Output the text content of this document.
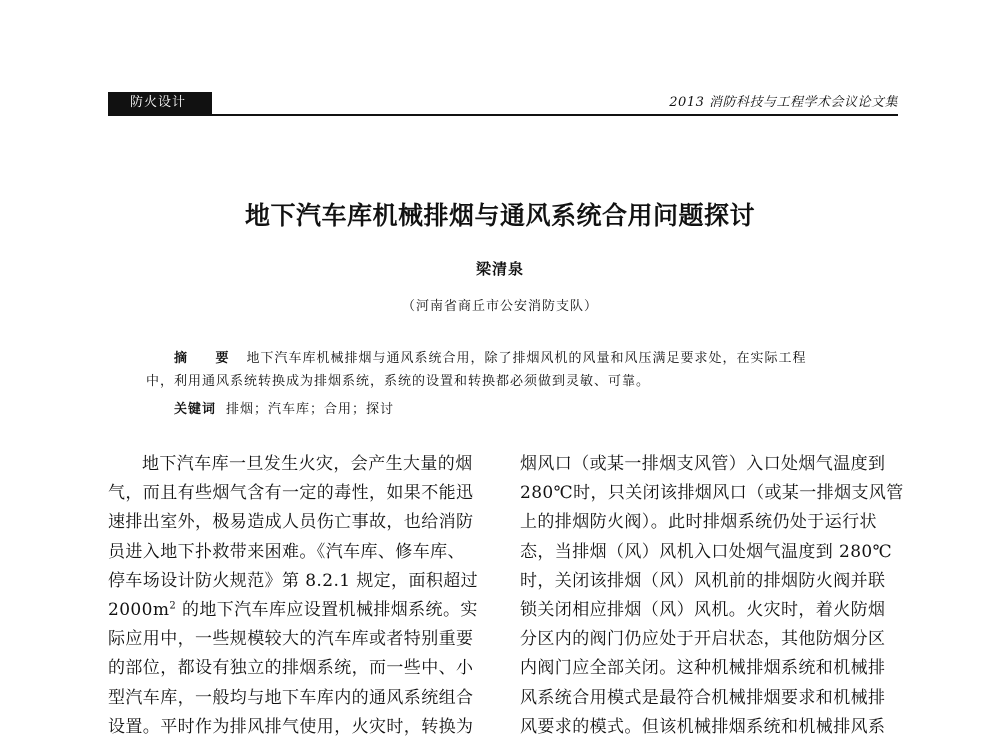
防火设计	2013 消防科技与工程学术会议论文集
地下汽车库机械排烟与通风系统合用问题探讨
梁清泉
（河南省商丘市公安消防支队）

摘 要 地下汽车库机械排烟与通风系统合用，除了排烟风机的风量和风压满足要求处，在实际工程

中，利用通风系统转换成为排烟系统，系统的设置和转换都必须做到灵敏、可靠。

关键词 排烟；汽车库；合用；探讨
地下汽车库一旦发生火灾，会产生大量的烟
气，而且有些烟气含有一定的毒性，如果不能迅
速排出室外，极易造成人员伤亡事故，也给消防
员进入地下扑救带来困难。《汽车库、修车库、
停车场设计防火规范》第 8.2.1 规定，面积超过
$2000m^2$ 的地下汽车库应设置机械排烟系统。实
际应用中，一些规模较大的汽车库或者特别重要
的部位，都设有独立的排烟系统，而一些中、小
型汽车库，一般均与地下车库内的通风系统组合
设置。平时作为排风排气使用，火灾时，转换为
烟风口（或某一排烟支风管）入口处烟气温度到
280℃时，只关闭该排烟风口（或某一排烟支风管
上的排烟防火阀）。此时排烟系统仍处于运行状
态，当排烟（风）风机入口处烟气温度到 280℃
时，关闭该排烟（风）风机前的排烟防火阀并联
锁关闭相应排烟（风）风机。火灾时，着火防烟
分区内的阀门仍应处于开启状态，其他防烟分区
内阀门应全部关闭。这种机械排烟系统和机械排
风系统合用模式是最符合机械排烟要求和机械排
风要求的模式。但该机械排烟系统和机械排风系
